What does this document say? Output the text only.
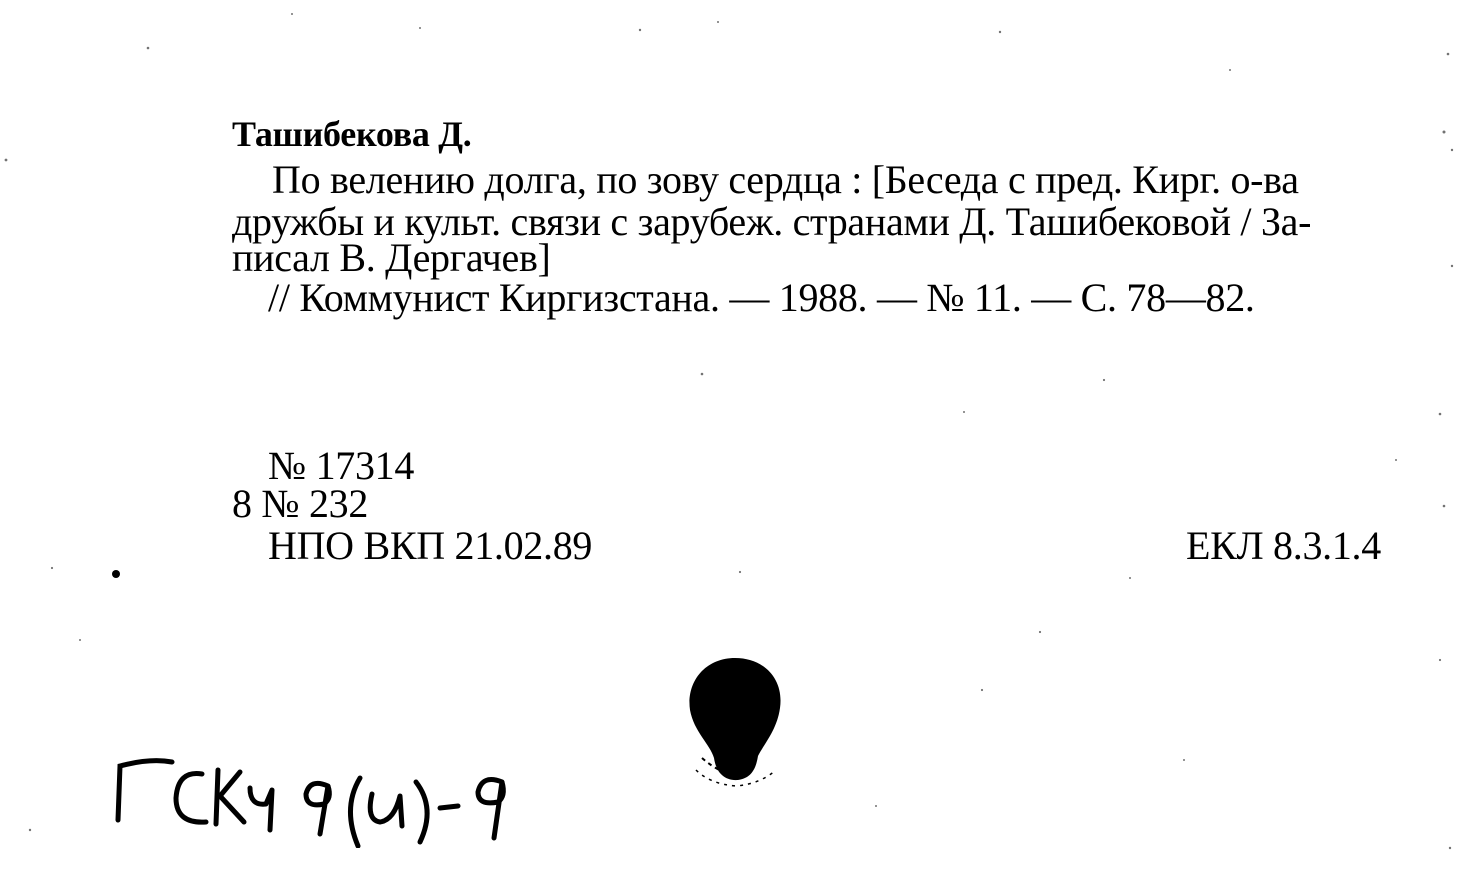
Ташибекова Д.
По велению долга, по зову сердца : [Беседа с пред. Кирг. о-ва
дружбы и культ. связи с зарубеж. странами Д. Ташибековой / За-
писал В. Дергачев]
// Коммунист Киргизстана. — 1988. — № 11. — С. 78—82.
№ 17314
8 № 232
НПО ВКП 21.02.89	ЕКЛ 8.3.1.4
